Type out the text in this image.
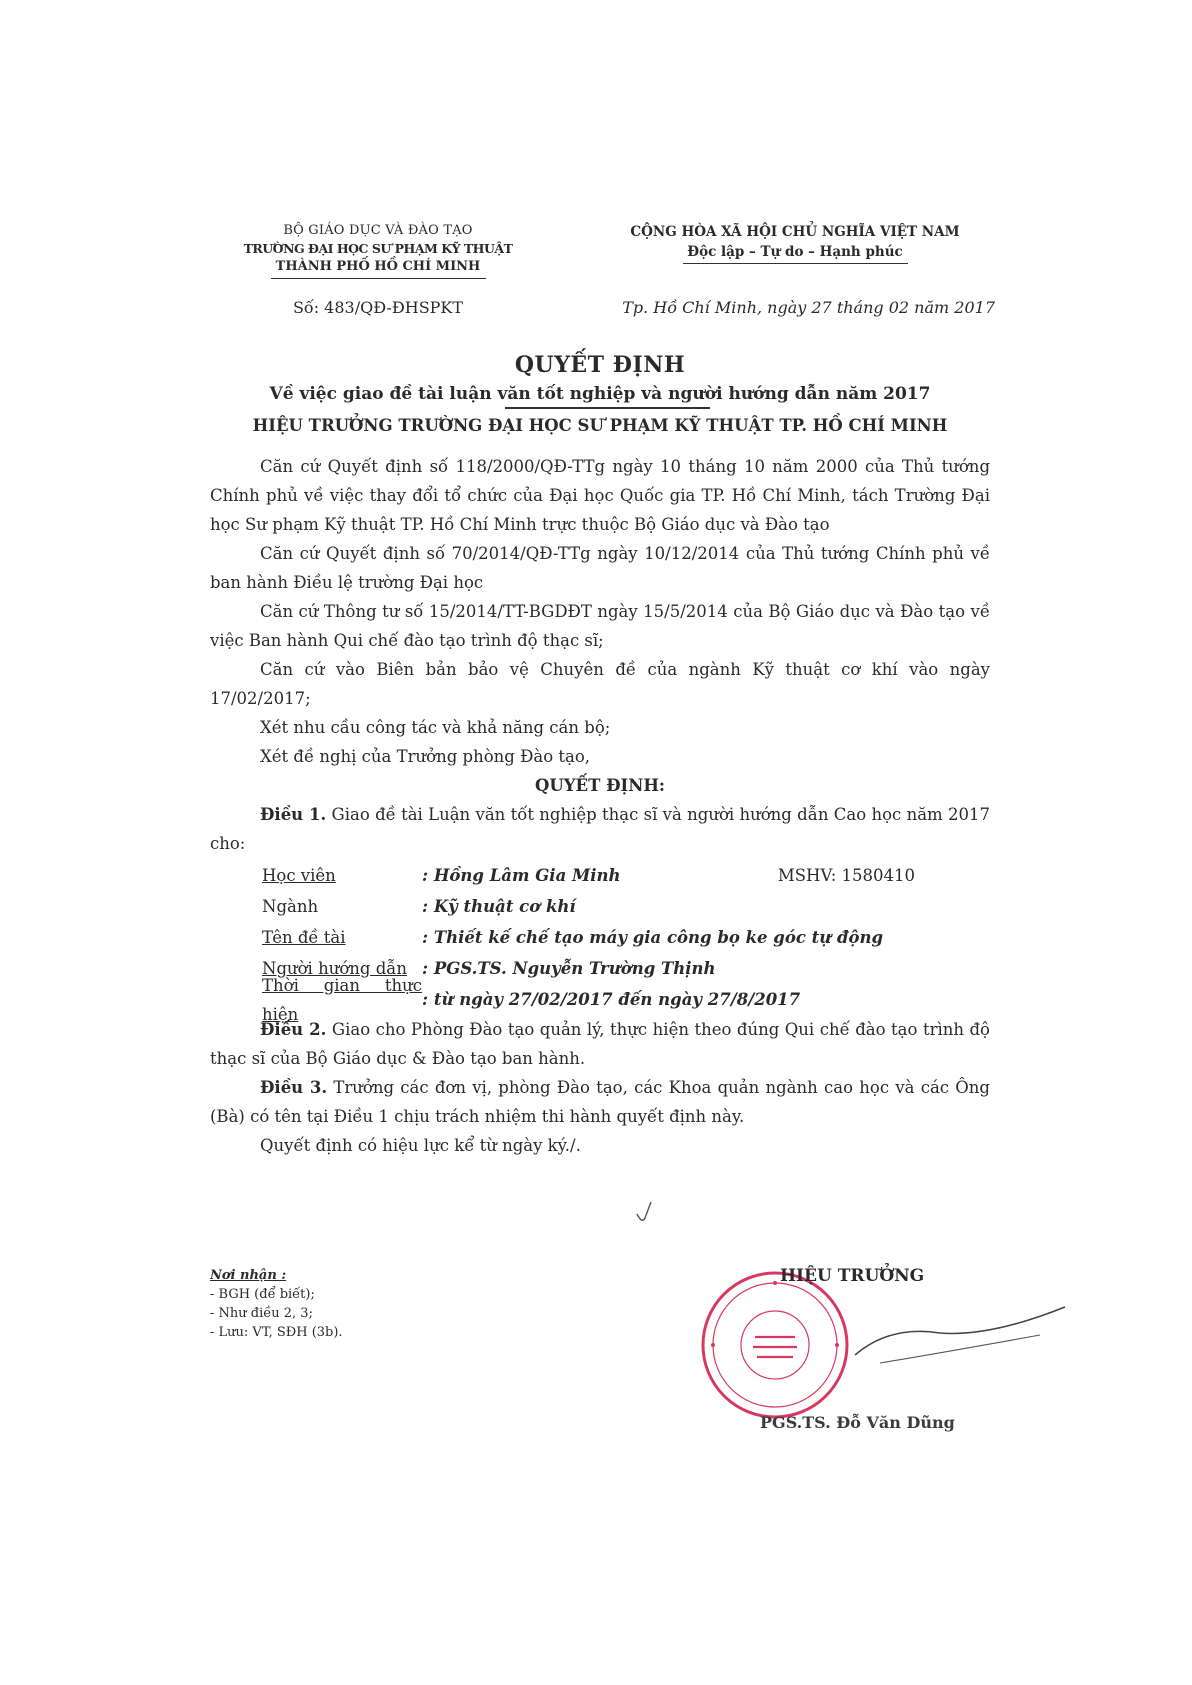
BỘ GIÁO DỤC VÀ ĐÀO TẠO
TRƯỜNG ĐẠI HỌC SƯ PHẠM KỸ THUẬT
THÀNH PHỐ HỒ CHÍ MINH
CỘNG HÒA XÃ HỘI CHỦ NGHĨA VIỆT NAM
Độc lập – Tự do – Hạnh phúc
Số: 483/QĐ-ĐHSPKT	Tp. Hồ Chí Minh, ngày 27 tháng 02 năm 2017
QUYẾT ĐỊNH
Về việc giao đề tài luận văn tốt nghiệp và người hướng dẫn năm 2017
HIỆU TRƯỞNG TRƯỜNG ĐẠI HỌC SƯ PHẠM KỸ THUẬT TP. HỒ CHÍ MINH

Căn cứ Quyết định số 118/2000/QĐ-TTg ngày 10 tháng 10 năm 2000 của Thủ tướng Chính phủ về việc thay đổi tổ chức của Đại học Quốc gia TP. Hồ Chí Minh, tách Trường Đại học Sư phạm Kỹ thuật TP. Hồ Chí Minh trực thuộc Bộ Giáo dục và Đào tạo

Căn cứ Quyết định số 70/2014/QĐ-TTg ngày 10/12/2014 của Thủ tướng Chính phủ về ban hành Điều lệ trường Đại học

Căn cứ Thông tư số 15/2014/TT-BGDĐT ngày 15/5/2014 của Bộ Giáo dục và Đào tạo về việc Ban hành Qui chế đào tạo trình độ thạc sĩ;

Căn cứ vào Biên bản bảo vệ Chuyên đề của ngành Kỹ thuật cơ khí vào ngày 17/02/2017;

Xét nhu cầu công tác và khả năng cán bộ;

Xét đề nghị của Trưởng phòng Đào tạo,

QUYẾT ĐỊNH:

Điều 1. Giao đề tài Luận văn tốt nghiệp thạc sĩ và người hướng dẫn Cao học năm 2017 cho:

Học viên	: Hồng Lâm Gia Minh	MSHV: 1580410
Ngành	: Kỹ thuật cơ khí
Tên đề tài	: Thiết kế chế tạo máy gia công bọ ke góc tự động
Người hướng dẫn : PGS.TS. Nguyễn Trường Thịnh
Thời gian thực hiện
: từ ngày 27/02/2017 đến ngày 27/8/2017

Điều 2. Giao cho Phòng Đào tạo quản lý, thực hiện theo đúng Qui chế đào tạo trình độ thạc sĩ của Bộ Giáo dục & Đào tạo ban hành.

Điều 3. Trưởng các đơn vị, phòng Đào tạo, các Khoa quản ngành cao học và các Ông (Bà) có tên tại Điều 1 chịu trách nhiệm thi hành quyết định này.

Quyết định có hiệu lực kể từ ngày ký./.

Nơi nhận :
- BGH (để biết);
- Như điều 2, 3;
- Lưu: VT, SĐH (3b).
HIỆU TRƯỞNG
PGS.TS. Đỗ Văn Dũng
